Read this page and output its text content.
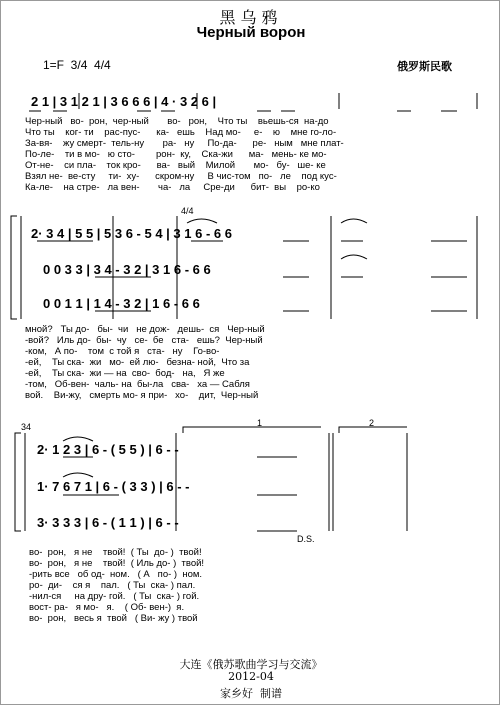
黑乌鸦
Черный ворон
1=F  3/4  4/4	俄罗斯民歌
2 1 | 3 1 2 1 | 3 6 6 6 | 4 · 3 2 6 |
Чер-ный   во-  рон,  чер-ный       во-   рон,    Что ты    вьешь-ся  на-до
Что ты    ког- ти    рас-пус-      ка-   ешь    Над мо-     е-    ю    мне го-ло-
За-вя-    жу смерт-  тель-ну       ра-   ну     По-да-      ре-   ным   мне плат-
По-ле-    ти в мо-   ю сто-        рон-  ку,    Ска-жи      ма-   мень- ке мо-
От-не-    си пла-    ток кро-      ва-   вый    Милой       мо-   бу-   ше- ке
Взял не-  ве-сту     ти-  ху-      скром-ну     В чис-том   по-   ле    под кус-
Ка-ле-    на стре-   ла вен-       ча-   ла     Сре-ди      бит-  вы    ро-ко
4/4
2· 3 4 | 5 5 | 5 3 6 - 5 4 | 3 1 6 - 6 6
0 0 3 3 | 3 4 - 3 2 | 3 1 6 - 6 6
0 0 1 1 | 1 4 - 3 2 | 1 6 - 6 6
мной?   Ты до-   бы-  чи   не дож-   дешь-  ся   Чер-ный
-вой?   Иль до-  бы-  чу   се-  бе   ста-   ешь?  Чер-ный
-ком,   А по-    том  с той я   ста-   ну    Го-во-
-ей,    Ты ска-  жи   мо-  ей лю-   безна- ной,  Что за
-ей,    Ты ска-  жи — на  сво-  бод-   на,   Я же
-том,   Об-вен-  чаль- на  бы-ла   сва-   ха — Сабля
вой.    Ви-жу,   смерть мо- я при-   хо-    дит,  Чер-ный
34	1	2
2· 1 2 3 | 6 - ( 5 5 ) | 6 - -
1· 7 6 7 1 | 6 - ( 3 3 ) | 6 - -
3· 3 3 3 | 6 - ( 1 1 ) | 6 - -
D.S.
во-  рон,   я не    твой!  ( Ты  до- )  твой!
во-  рон,   я не    твой!  ( Иль до- )  твой!
-рить все   об од-  ном.   ( А   по- )  ном.
ро-  ди-    ся я    пал.   ( Ты  ска- ) пал.
-нил-ся     на дру- гой.   ( Ты  ска- ) гой.
вост- ра-   я мо-   я.    ( Об- вен-)  я.
во-  рон,   весь я  твой   ( Ви- жу ) твой
大连《俄苏歌曲学习与交流》
2012-04
家乡好  制谱
